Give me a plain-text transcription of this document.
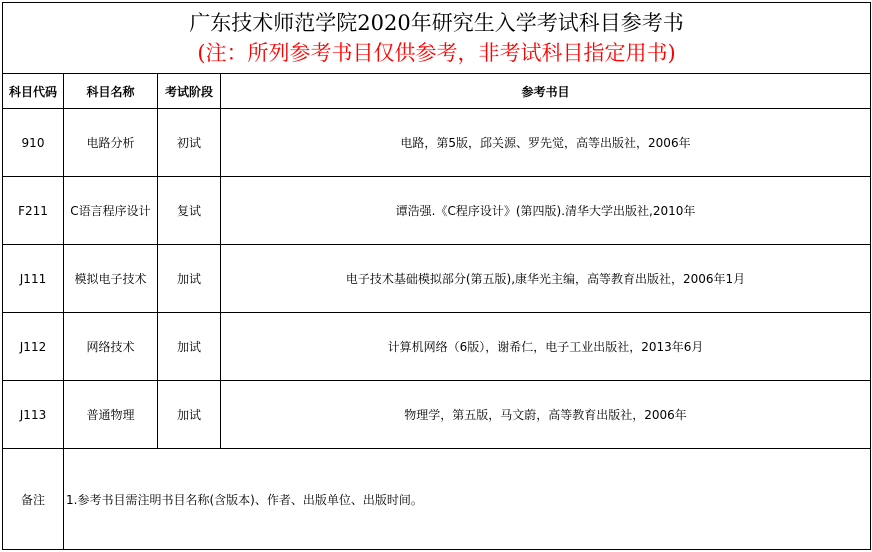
广东技术师范学院2020年研究生入学考试科目参考书
(注：所列参考书目仅供参考，非考试科目指定用书)			

科目代码	科目名称	考试阶段	参考书目
910	电路分析	初试	电路，第5版，邱关源、罗先觉，高等出版社，2006年
F211	C语言程序设计	复试	谭浩强.《C程序设计》(第四版).清华大学出版社,2010年
J111	模拟电子技术	加试	电子技术基础模拟部分(第五版),康华光主编，高等教育出版社，2006年1月
J112	网络技术	加试	计算机网络（6版），谢希仁，电子工业出版社，2013年6月
J113	普通物理	加试	物理学，第五版，马文蔚，高等教育出版社，2006年
备注	1.参考书目需注明书目名称(含版本)、作者、出版单位、出版时间。		
